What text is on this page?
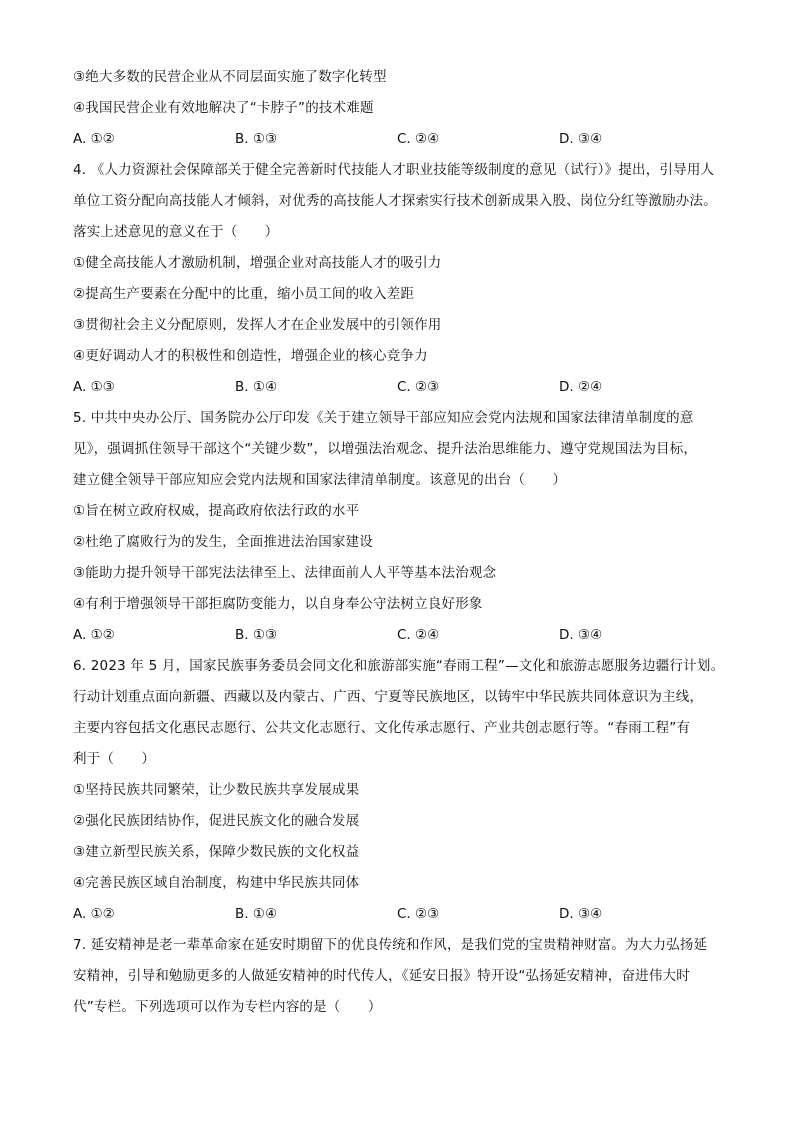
③绝大多数的民营企业从不同层面实施了数字化转型
④我国民营企业有效地解决了“卡脖子”的技术难题
A. ①②	B. ①③	C. ②④	D. ③④
4. 《人力资源社会保障部关于健全完善新时代技能人才职业技能等级制度的意见（试行）》提出，引导用人
单位工资分配向高技能人才倾斜，对优秀的高技能人才探索实行技术创新成果入股、岗位分红等激励办法。
落实上述意见的意义在于（　　）
①健全高技能人才激励机制，增强企业对高技能人才的吸引力
②提高生产要素在分配中的比重，缩小员工间的收入差距
③贯彻社会主义分配原则，发挥人才在企业发展中的引领作用
④更好调动人才的积极性和创造性，增强企业的核心竞争力
A. ①③	B. ①④	C. ②③	D. ②④
5. 中共中央办公厅、国务院办公厅印发《关于建立领导干部应知应会党内法规和国家法律清单制度的意
见》，强调抓住领导干部这个“关键少数”，以增强法治观念、提升法治思维能力、遵守党规国法为目标，
建立健全领导干部应知应会党内法规和国家法律清单制度。该意见的出台（　　）
①旨在树立政府权威，提高政府依法行政的水平
②杜绝了腐败行为的发生，全面推进法治国家建设
③能助力提升领导干部宪法法律至上、法律面前人人平等基本法治观念
④有利于增强领导干部拒腐防变能力，以自身奉公守法树立良好形象
A. ①②	B. ①③	C. ②④	D. ③④
6. 2023 年 5 月，国家民族事务委员会同文化和旅游部实施“春雨工程”—文化和旅游志愿服务边疆行计划。
行动计划重点面向新疆、西藏以及内蒙古、广西、宁夏等民族地区，以铸牢中华民族共同体意识为主线，
主要内容包括文化惠民志愿行、公共文化志愿行、文化传承志愿行、产业共创志愿行等。“春雨工程”有
利于（　　）
①坚持民族共同繁荣，让少数民族共享发展成果
②强化民族团结协作，促进民族文化的融合发展
③建立新型民族关系，保障少数民族的文化权益
④完善民族区域自治制度，构建中华民族共同体
A. ①②	B. ①④	C. ②③	D. ③④
7. 延安精神是老一辈革命家在延安时期留下的优良传统和作风，是我们党的宝贵精神财富。为大力弘扬延
安精神，引导和勉励更多的人做延安精神的时代传人，《延安日报》特开设“弘扬延安精神，奋进伟大时
代”专栏。下列选项可以作为专栏内容的是（　　）
